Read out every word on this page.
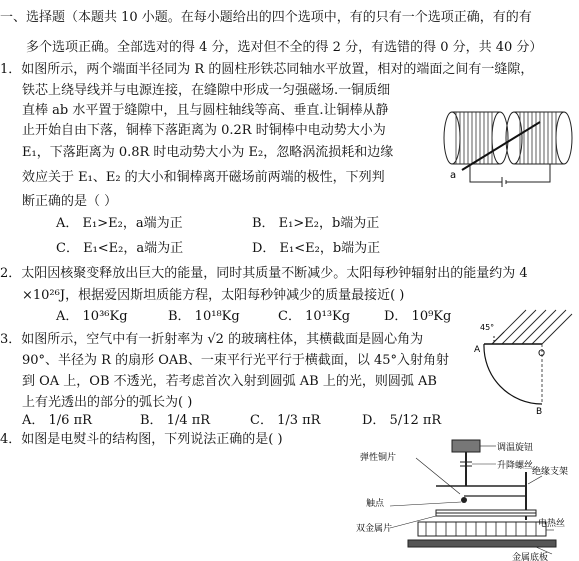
一、选择题（本题共 10 小题。在每小题给出的四个选项中，有的只有一个选项正确，有的有
多个选项正确。全部选对的得 4 分，选对但不全的得 2 分，有选错的得 0 分，共 40 分）
1．如图所示，两个端面半径同为 R 的圆柱形铁芯同轴水平放置，相对的端面之间有一缝隙，
铁芯上绕导线并与电源连接，在缝隙中形成一匀强磁场.一铜质细
直棒 ab 水平置于缝隙中，且与圆柱轴线等高、垂直.让铜棒从静
止开始自由下落，铜棒下落距离为 0.2R 时铜棒中电动势大小为
E₁，下落距离为 0.8R 时电动势大小为 E₂，忽略涡流损耗和边缘
效应关于 E₁、E₂ 的大小和铜棒离开磁场前两端的极性，下列判
断正确的是（ ）
A． E₁>E₂，a端为正	B． E₁>E₂，b端为正
C． E₁<E₂，a端为正	D． E₁<E₂，b端为正
a
2．太阳因核聚变释放出巨大的能量，同时其质量不断减少。太阳每秒钟辐射出的能量约为 4
×10²⁶J，根据爱因斯坦质能方程，太阳每秒钟减少的质量最接近( )
A． 10³⁶Kg	B． 10¹⁸Kg	C． 10¹³Kg	D． 10⁹Kg
3．如图所示，空气中有一折射率为 √2 的玻璃柱体，其横截面是圆心角为
90°、半径为 R 的扇形 OAB、一束平行光平行于横截面，以 45°入射角射
到 OA 上，OB 不透光，若考虑首次入射到圆弧 AB 上的光，则圆弧 AB
上有光透出的部分的弧长为( )
A． 1/6 πR	B． 1/4 πR	C． 1/3 πR	D． 5/12 πR
45°
A	O
B
4．如图是电熨斗的结构图，下列说法正确的是( )
调温旋钮
升降螺丝
弹性铜片
绝缘支架
触点
双金属片	电热丝
金属底板
